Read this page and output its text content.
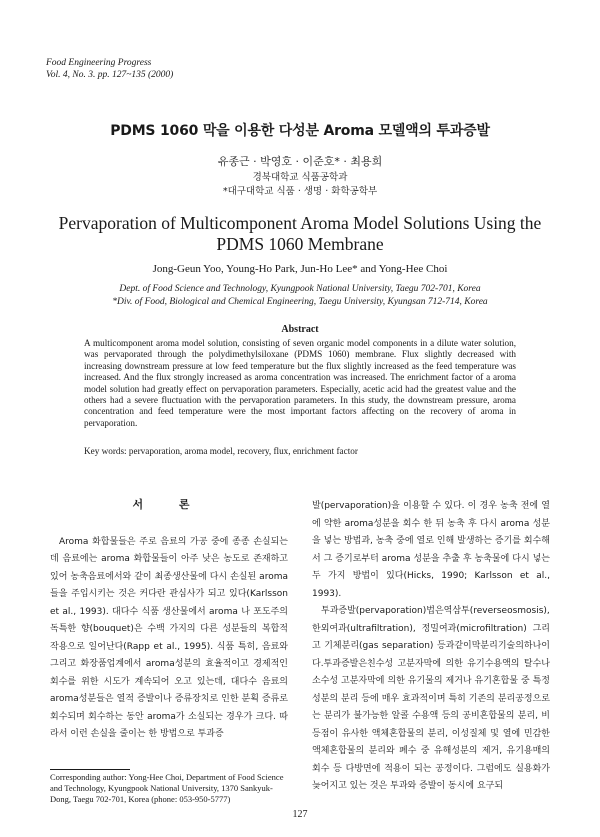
Food Engineering Progress
Vol. 4, No. 3. pp. 127~135 (2000)
PDMS 1060 막을 이용한 다성분 Aroma 모델액의 투과증발
유종근 · 박영호 · 이준호* · 최용희
경북대학교 식품공학과
*대구대학교 식품 · 생명 · 화학공학부
Pervaporation of Multicomponent Aroma Model Solutions Using the
PDMS 1060 Membrane
Jong-Geun Yoo, Young-Ho Park, Jun-Ho Lee* and Yong-Hee Choi
Dept. of Food Science and Technology, Kyungpook National University, Taegu 702-701, Korea
*Div. of Food, Biological and Chemical Engineering, Taegu University, Kyungsan 712-714, Korea
Abstract
A multicomponent aroma model solution, consisting of seven organic model components in a dilute water solution, was pervaporated through the polydimethylsiloxane (PDMS 1060) membrane. Flux slightly decreased with increasing downstream pressure at low feed temperature but the flux slightly increased as the feed temperature was increased. And the flux strongly increased as aroma concentration was increased. The enrichment factor of a aroma model solution had greatly effect on pervaporation parameters. Especially, acetic acid had the greatest value and the others had a severe fluctuation with the pervaporation parameters. In this study, the downstream pressure, aroma concentration and feed temperature were the most important factors affecting on the recovery of aroma in pervaporation.
Key words: pervaporation, aroma model, recovery, flux, enrichment factor
서 론

Aroma 화합물들은 주로 음료의 가공 중에 종종 손실되는데 음료에는 aroma 화합물들이 아주 낮은 농도로 존재하고 있어 농축음료에서와 같이 최종생산물에 다시 손실된 aroma들을 주입시키는 것은 커다란 관심사가 되고 있다(Karlsson et al., 1993). 대다수 식품 생산물에서 aroma 나 포도주의 독특한 향(bouquet)은 수백 가지의 다른 성분들의 복합적 작용으로 일어난다(Rapp et al., 1995). 식품 특히, 음료와 그리고 화장품업계에서 aroma성분의 효율적이고 경제적인 회수를 위한 시도가 계속되어 오고 있는데, 대다수 음료의 aroma성분들은 열적 증발이나 증류장치로 인한 분획 증류로 회수되며 회수하는 동안 aroma가 소실되는 경우가 크다. 따라서 이런 손실을 줄이는 한 방법으로 투과증

발(pervaporation)을 이용할 수 있다. 이 경우 농축 전에 열에 약한 aroma성분을 회수 한 뒤 농축 후 다시 aroma 성분을 넣는 방법과, 농축 중에 열로 인해 발생하는 증기를 회수해서 그 증기로부터 aroma 성분을 추출 후 농축물에 다시 넣는 두 가지 방법이 있다(Hicks, 1990; Karlsson et al., 1993).

투과증발(pervaporation)법은역삼투(reverseosmosis),한외여과(ultrafiltration), 정밀여과(microfiltration) 그리고 기체분리(gas separation) 등과같이막분리기술의하나이다.투과증발은친수성 고분자막에 의한 유기수용액의 탈수나 소수성 고분자막에 의한 유기물의 제거나 유기혼합물 중 특정성분의 분리 등에 매우 효과적이며 특히 기존의 분리공정으로는 분리가 불가능한 알콜 수용액 등의 공비혼합물의 분리, 비등점이 유사한 액체혼합물의 분리, 이성질체 및 열에 민감한 액체혼합물의 분리와 폐수 중 유해성분의 제거, 유기용매의 회수 등 다방면에 적용이 되는 공정이다. 그럼에도 실용화가 늦어지고 있는 것은 투과와 증발이 동시에 요구되

Corresponding author: Yong-Hee Choi, Department of Food Science and Technology, Kyungpook National University, 1370 Sankyuk-Dong, Taegu 702-701, Korea (phone: 053-950-5777)
127
